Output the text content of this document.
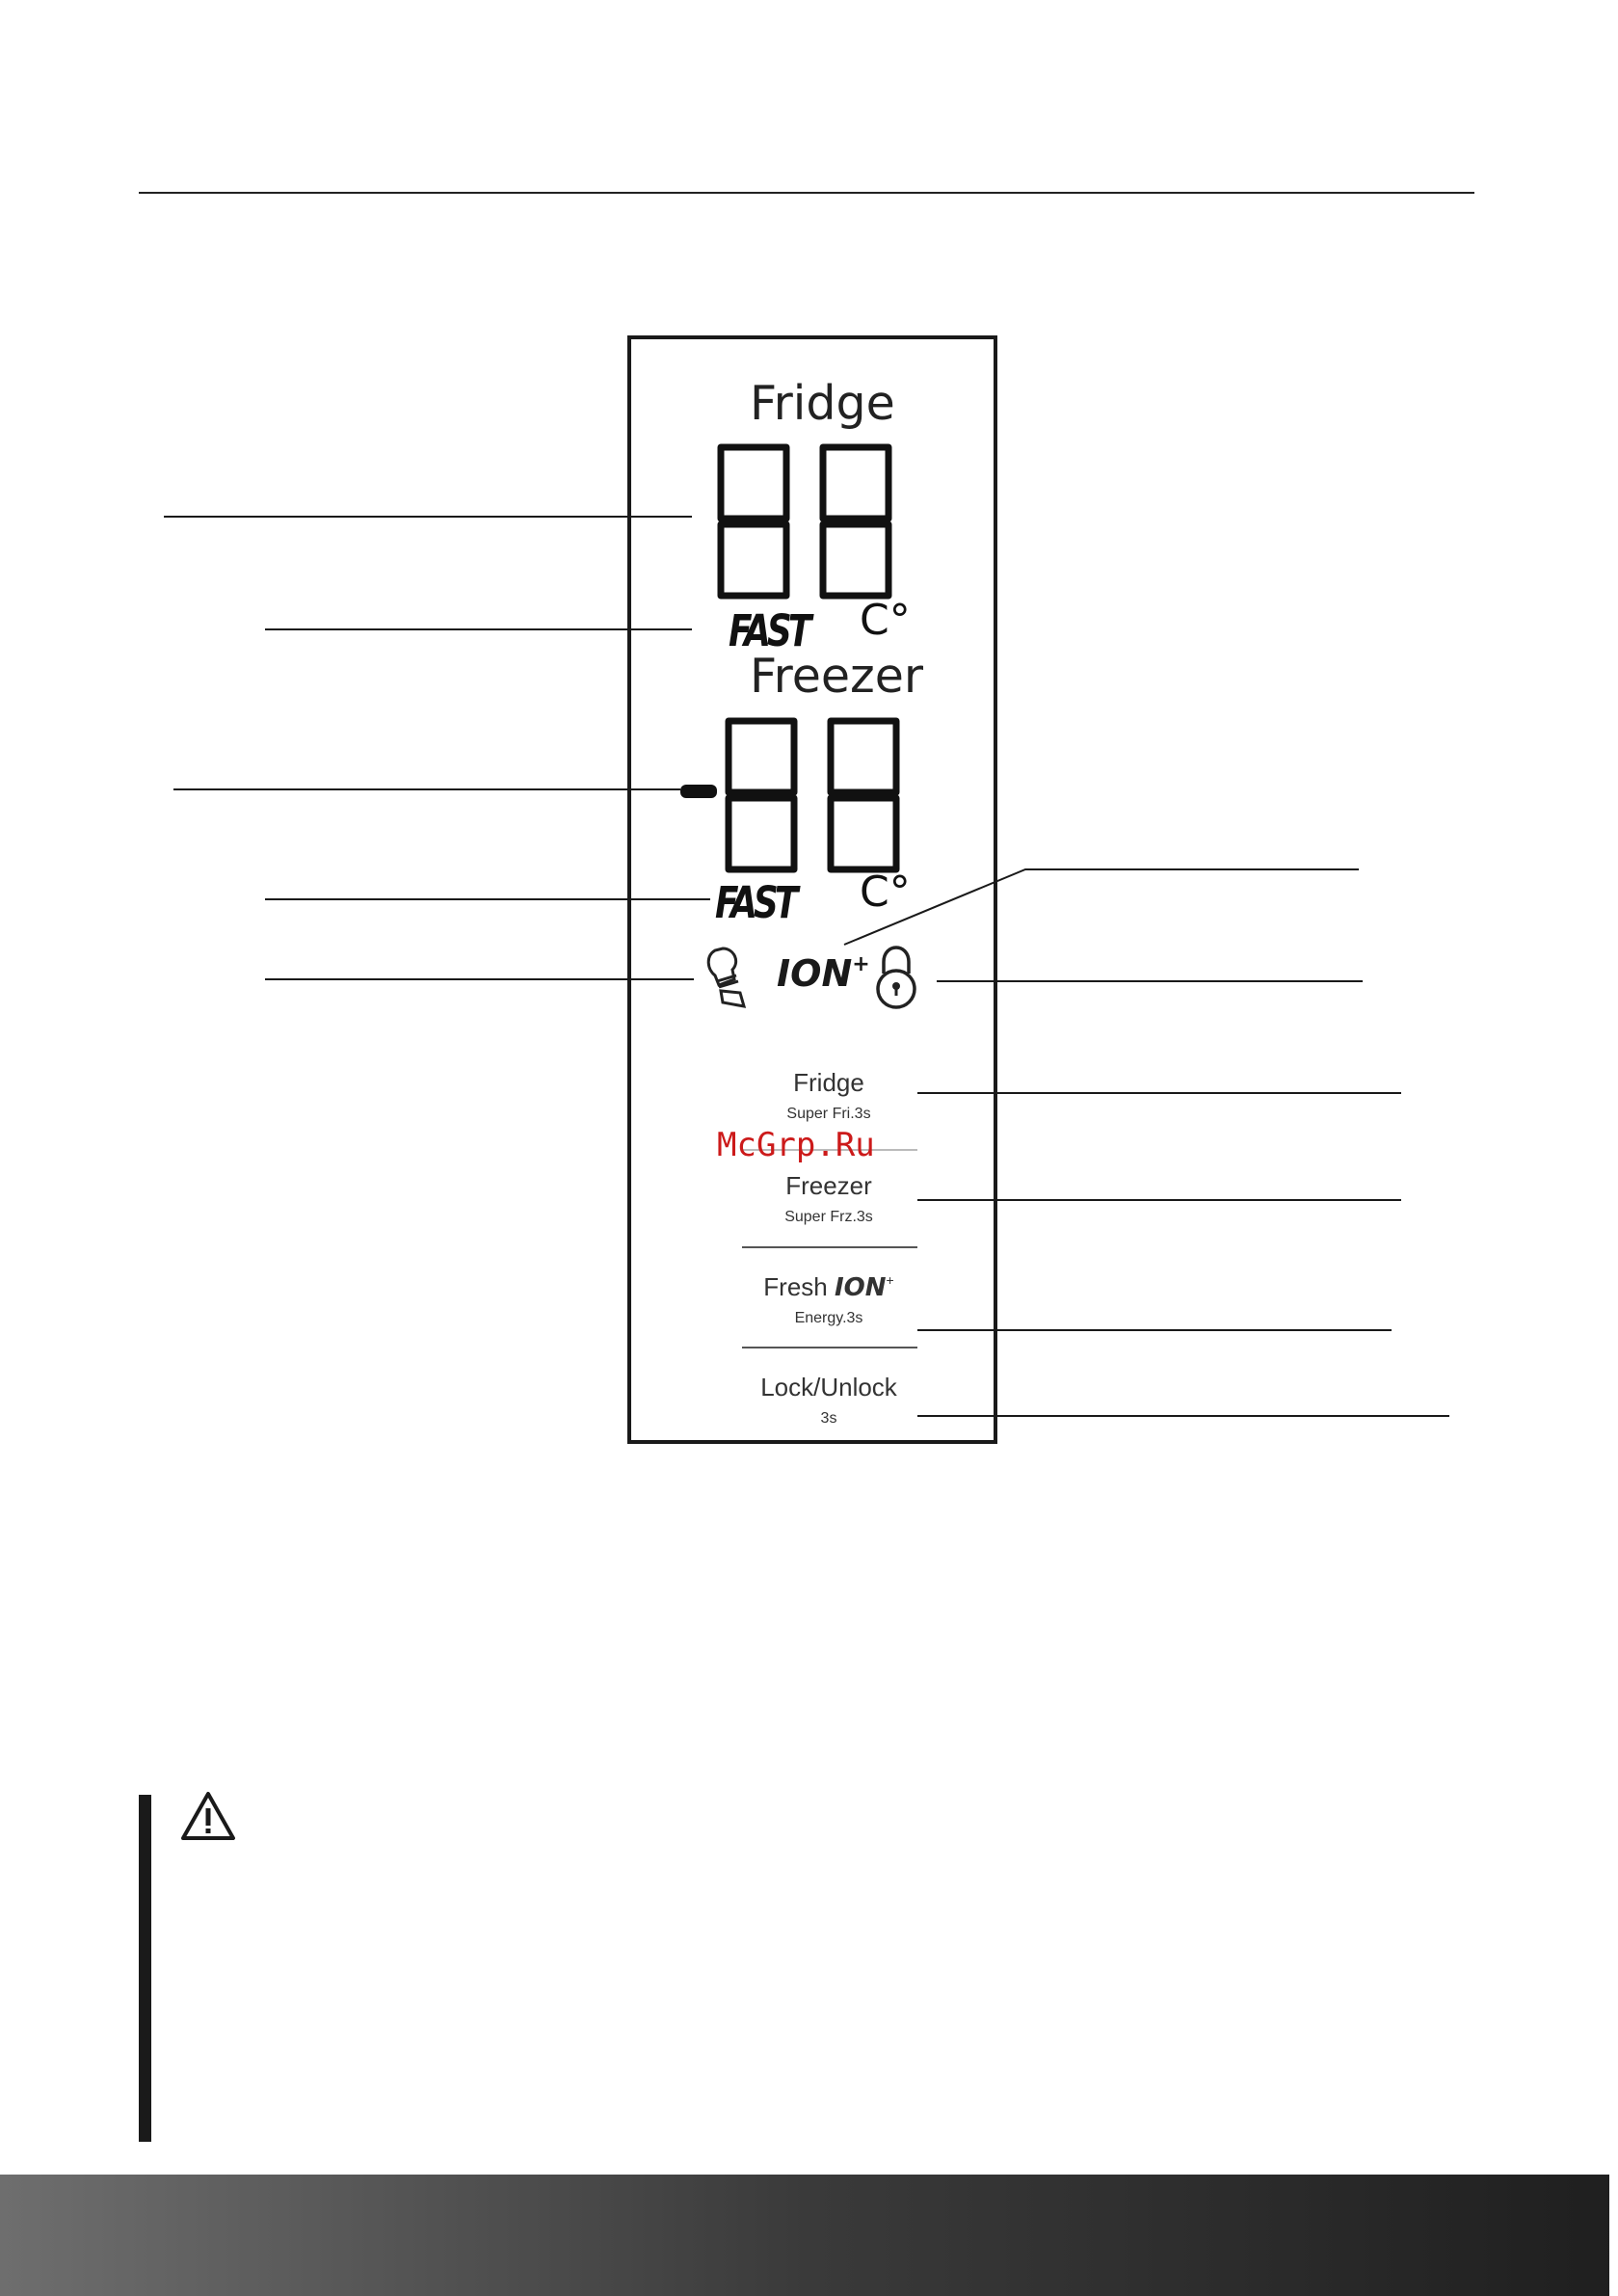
Fridge
FAST C°
Freezer
FAST C°
ION+
Fridge
Super Fri.3s
McGrp.Ru
Freezer
Super Frz.3s
Fresh ION+
Energy.3s
Lock/Unlock
3s
